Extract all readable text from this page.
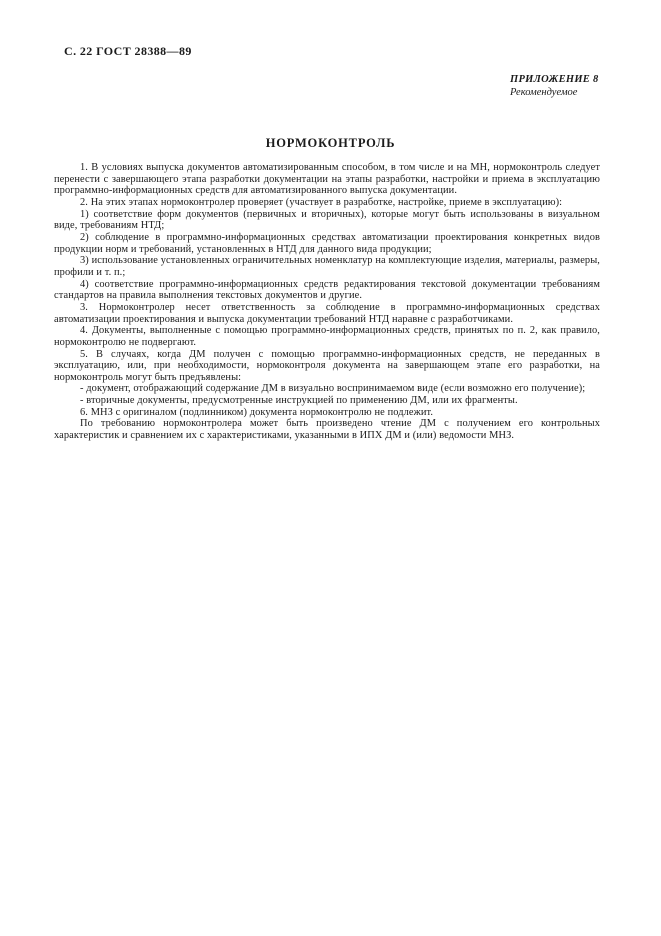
С. 22 ГОСТ 28388—89
ПРИЛОЖЕНИЕ 8
Рекомендуемое
НОРМОКОНТРОЛЬ

1. В условиях выпуска документов автоматизированным способом, в том числе и на МН, нормоконтроль следует перенести с завершающего этапа разработки документации на этапы разработки, настройки и приема в эксплуатацию программно-информационных средств для автоматизированного выпуска документации.

2. На этих этапах нормоконтролер проверяет (участвует в разработке, настройке, приеме в эксплуатацию):

1) соответствие форм документов (первичных и вторичных), которые могут быть использованы в визуальном виде, требованиям НТД;

2) соблюдение в программно-информационных средствах автоматизации проектирования конкретных видов продукции норм и требований, установленных в НТД для данного вида продукции;

3) использование установленных ограничительных номенклатур на комплектующие изделия, материалы, размеры, профили и т. п.;

4) соответствие программно-информационных средств редактирования текстовой документации требованиям стандартов на правила выполнения текстовых документов и другие.

3. Нормоконтролер несет ответственность за соблюдение в программно-информационных средствах автоматизации проектирования и выпуска документации требований НТД наравне с разработчиками.

4. Документы, выполненные с помощью программно-информационных средств, принятых по п. 2, как правило, нормоконтролю не подвергают.

5. В случаях, когда ДМ получен с помощью программно-информационных средств, не переданных в эксплуатацию, или, при необходимости, нормоконтроля документа на завершающем этапе его разработки, на нормоконтроль могут быть предъявлены:

- документ, отображающий содержание ДМ в визуально воспринимаемом виде (если возможно его получение);

- вторичные документы, предусмотренные инструкцией по применению ДМ, или их фрагменты.

6. МНЗ с оригиналом (подлинником) документа нормоконтролю не подлежит.

По требованию нормоконтролера может быть произведено чтение ДМ с получением его контрольных характеристик и сравнением их с характеристиками, указанными в ИПХ ДМ и (или) ведомости МНЗ.
